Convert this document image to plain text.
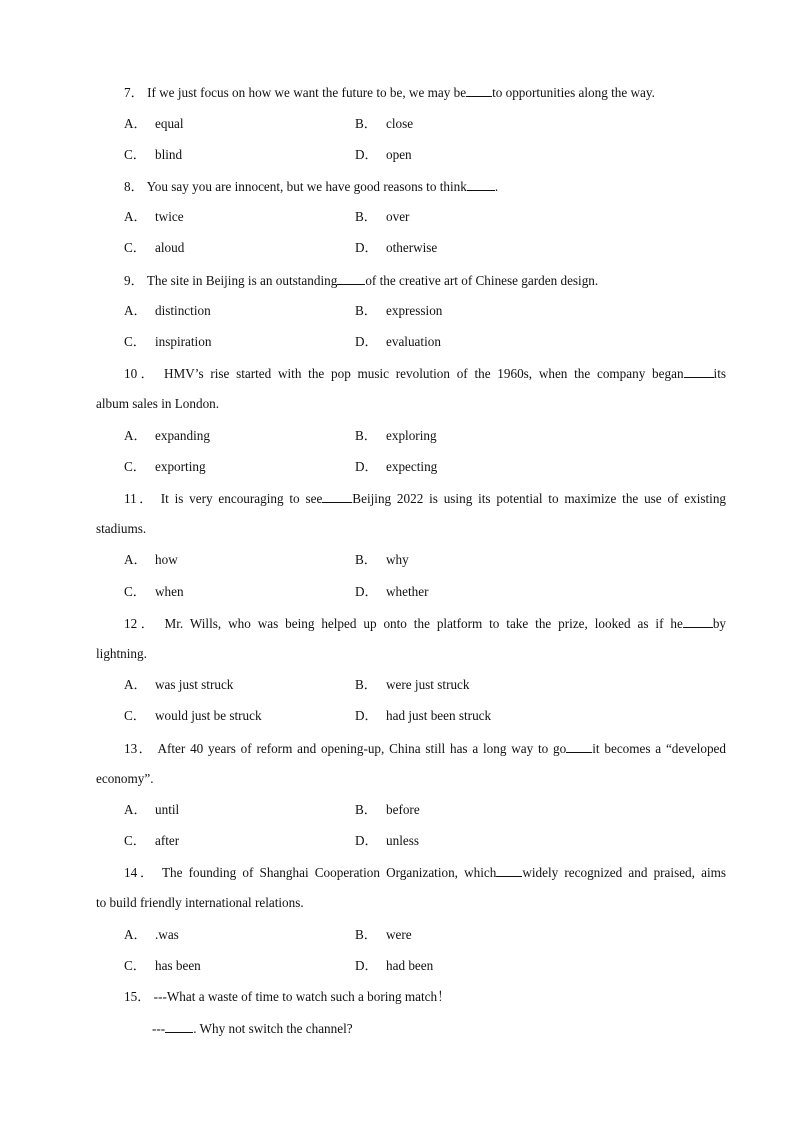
7． If we just focus on how we want the future to be, we may be to opportunities along the way.
A． equal	B． close
C． blind	D． open
8． You say you are innocent, but we have good reasons to think .
A． twice	B． over
C． aloud	D． otherwise
9． The site in Beijing is an outstanding of the creative art of Chinese garden design.
A． distinction	B． expression
C． inspiration	D． evaluation
10． HMV’s rise started with the pop music revolution of the 1960s, when the company began its
album sales in London.
A． expanding	B． exploring
C． exporting	D． expecting
11． It is very encouraging to see Beijing 2022 is using its potential to maximize the use of existing
stadiums.
A． how	B． why
C． when	D． whether
12． Mr. Wills, who was being helped up onto the platform to take the prize, looked as if he by
lightning.
A． was just struck	B． were just struck
C． would just be struck	D． had just been struck
13． After 40 years of reform and opening-up, China still has a long way to go it becomes a “developed
economy”.
A． until	B． before
C． after	D． unless
14． The founding of Shanghai Cooperation Organization, which widely recognized and praised, aims
to build friendly international relations.
A． .was	B． were
C． has been	D． had been
15． ---What a waste of time to watch such a boring match！
--- . Why not switch the channel?
